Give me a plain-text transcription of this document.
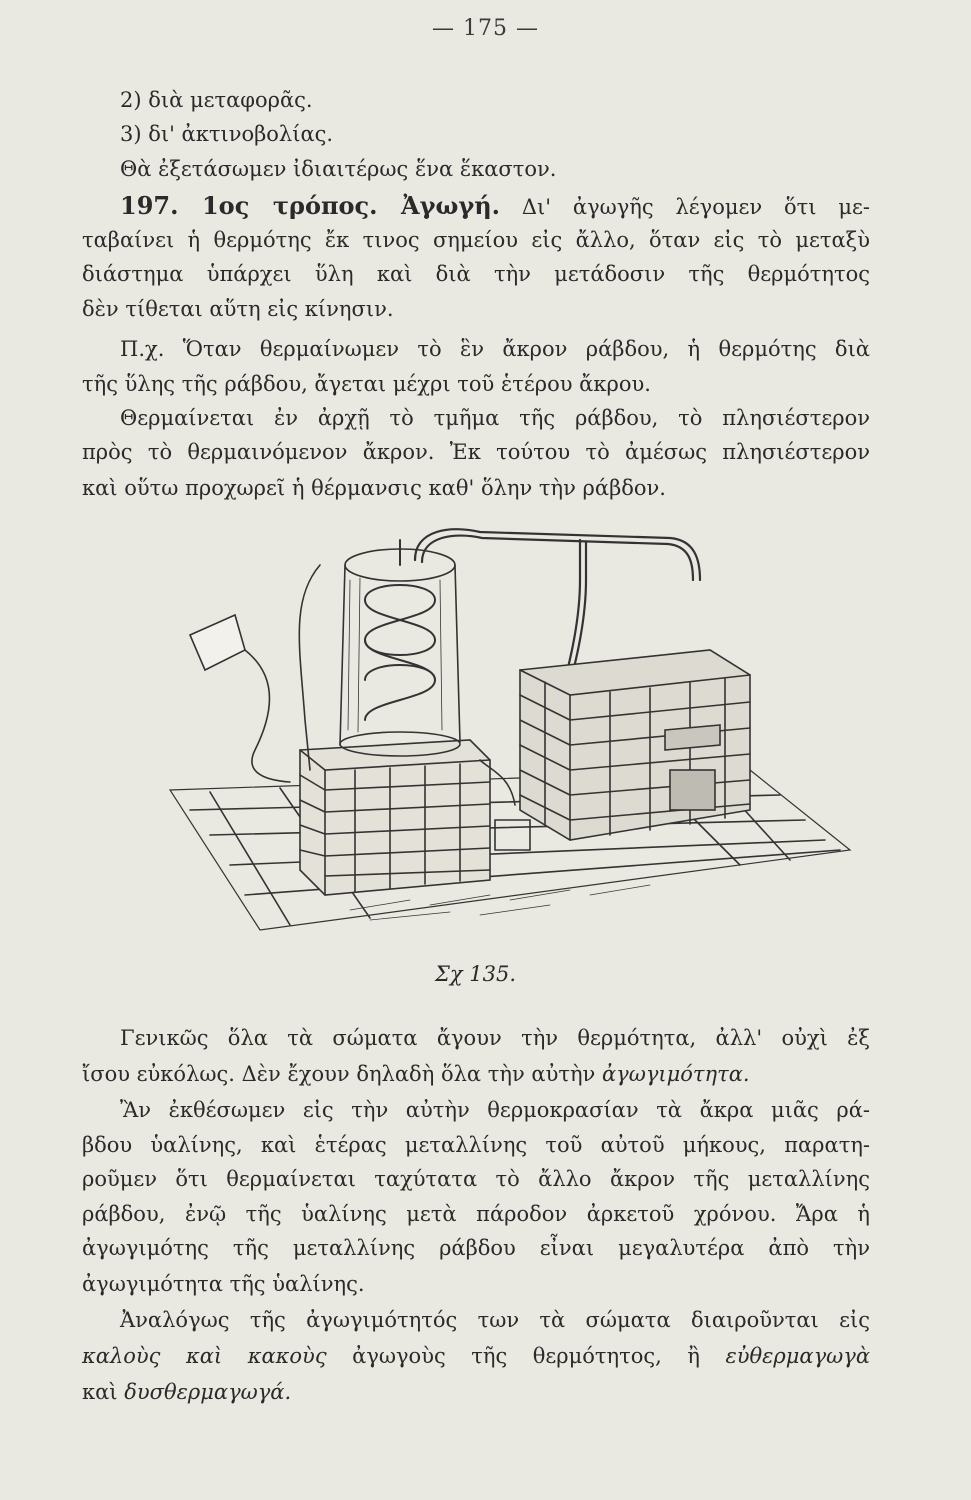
— 175 —
2) διὰ μεταφορᾶς.
3) δι' ἀκτινοβολίας.
Θὰ ἐξετάσωμεν ἰδιαιτέρως ἕνα ἕκαστον.
197. 1ος τρόπος. Ἀγωγή. Δι' ἀγωγῆς λέγομεν ὅτι με-
ταβαίνει ἡ θερμότης ἔκ τινος σημείου εἰς ἄλλο, ὅταν εἰς τὸ μεταξὺ
διάστημα ὑπάρχει ὕλη καὶ διὰ τὴν μετάδοσιν τῆς θερμότητος
δὲν τίθεται αὕτη εἰς κίνησιν.
Π.χ. Ὅταν θερμαίνωμεν τὸ ἓν ἄκρον ράβδου, ἡ θερμότης διὰ
τῆς ὕλης τῆς ράβδου, ἄγεται μέχρι τοῦ ἑτέρου ἄκρου.
Θερμαίνεται ἐν ἀρχῇ τὸ τμῆμα τῆς ράβδου, τὸ πλησιέστερον
πρὸς τὸ θερμαινόμενον ἄκρον. Ἐκ τούτου τὸ ἀμέσως πλησιέστερον
καὶ οὕτω προχωρεῖ ἡ θέρμανσις καθ' ὅλην τὴν ράβδον.
Σχ 135.
Γενικῶς ὅλα τὰ σώματα ἄγουν τὴν θερμότητα, ἀλλ' οὐχὶ ἐξ
ἴσου εὐκόλως. Δὲν ἔχουν δηλαδὴ ὅλα τὴν αὐτὴν ἀγωγιμότητα.
Ἂν ἐκθέσωμεν εἰς τὴν αὐτὴν θερμοκρασίαν τὰ ἄκρα μιᾶς ρά-
βδου ὑαλίνης, καὶ ἑτέρας μεταλλίνης τοῦ αὐτοῦ μήκους, παρατη-
ροῦμεν ὅτι θερμαίνεται ταχύτατα τὸ ἄλλο ἄκρον τῆς μεταλλίνης
ράβδου, ἐνῷ τῆς ὑαλίνης μετὰ πάροδον ἀρκετοῦ χρόνου. Ἄρα ἡ
ἀγωγιμότης τῆς μεταλλίνης ράβδου εἶναι μεγαλυτέρα ἀπὸ τὴν
ἀγωγιμότητα τῆς ὑαλίνης.
Ἀναλόγως τῆς ἀγωγιμότητός των τὰ σώματα διαιροῦνται εἰς
καλοὺς καὶ κακοὺς ἀγωγοὺς τῆς θερμότητος, ἢ εὐθερμαγωγὰ
καὶ δυσθερμαγωγά.
